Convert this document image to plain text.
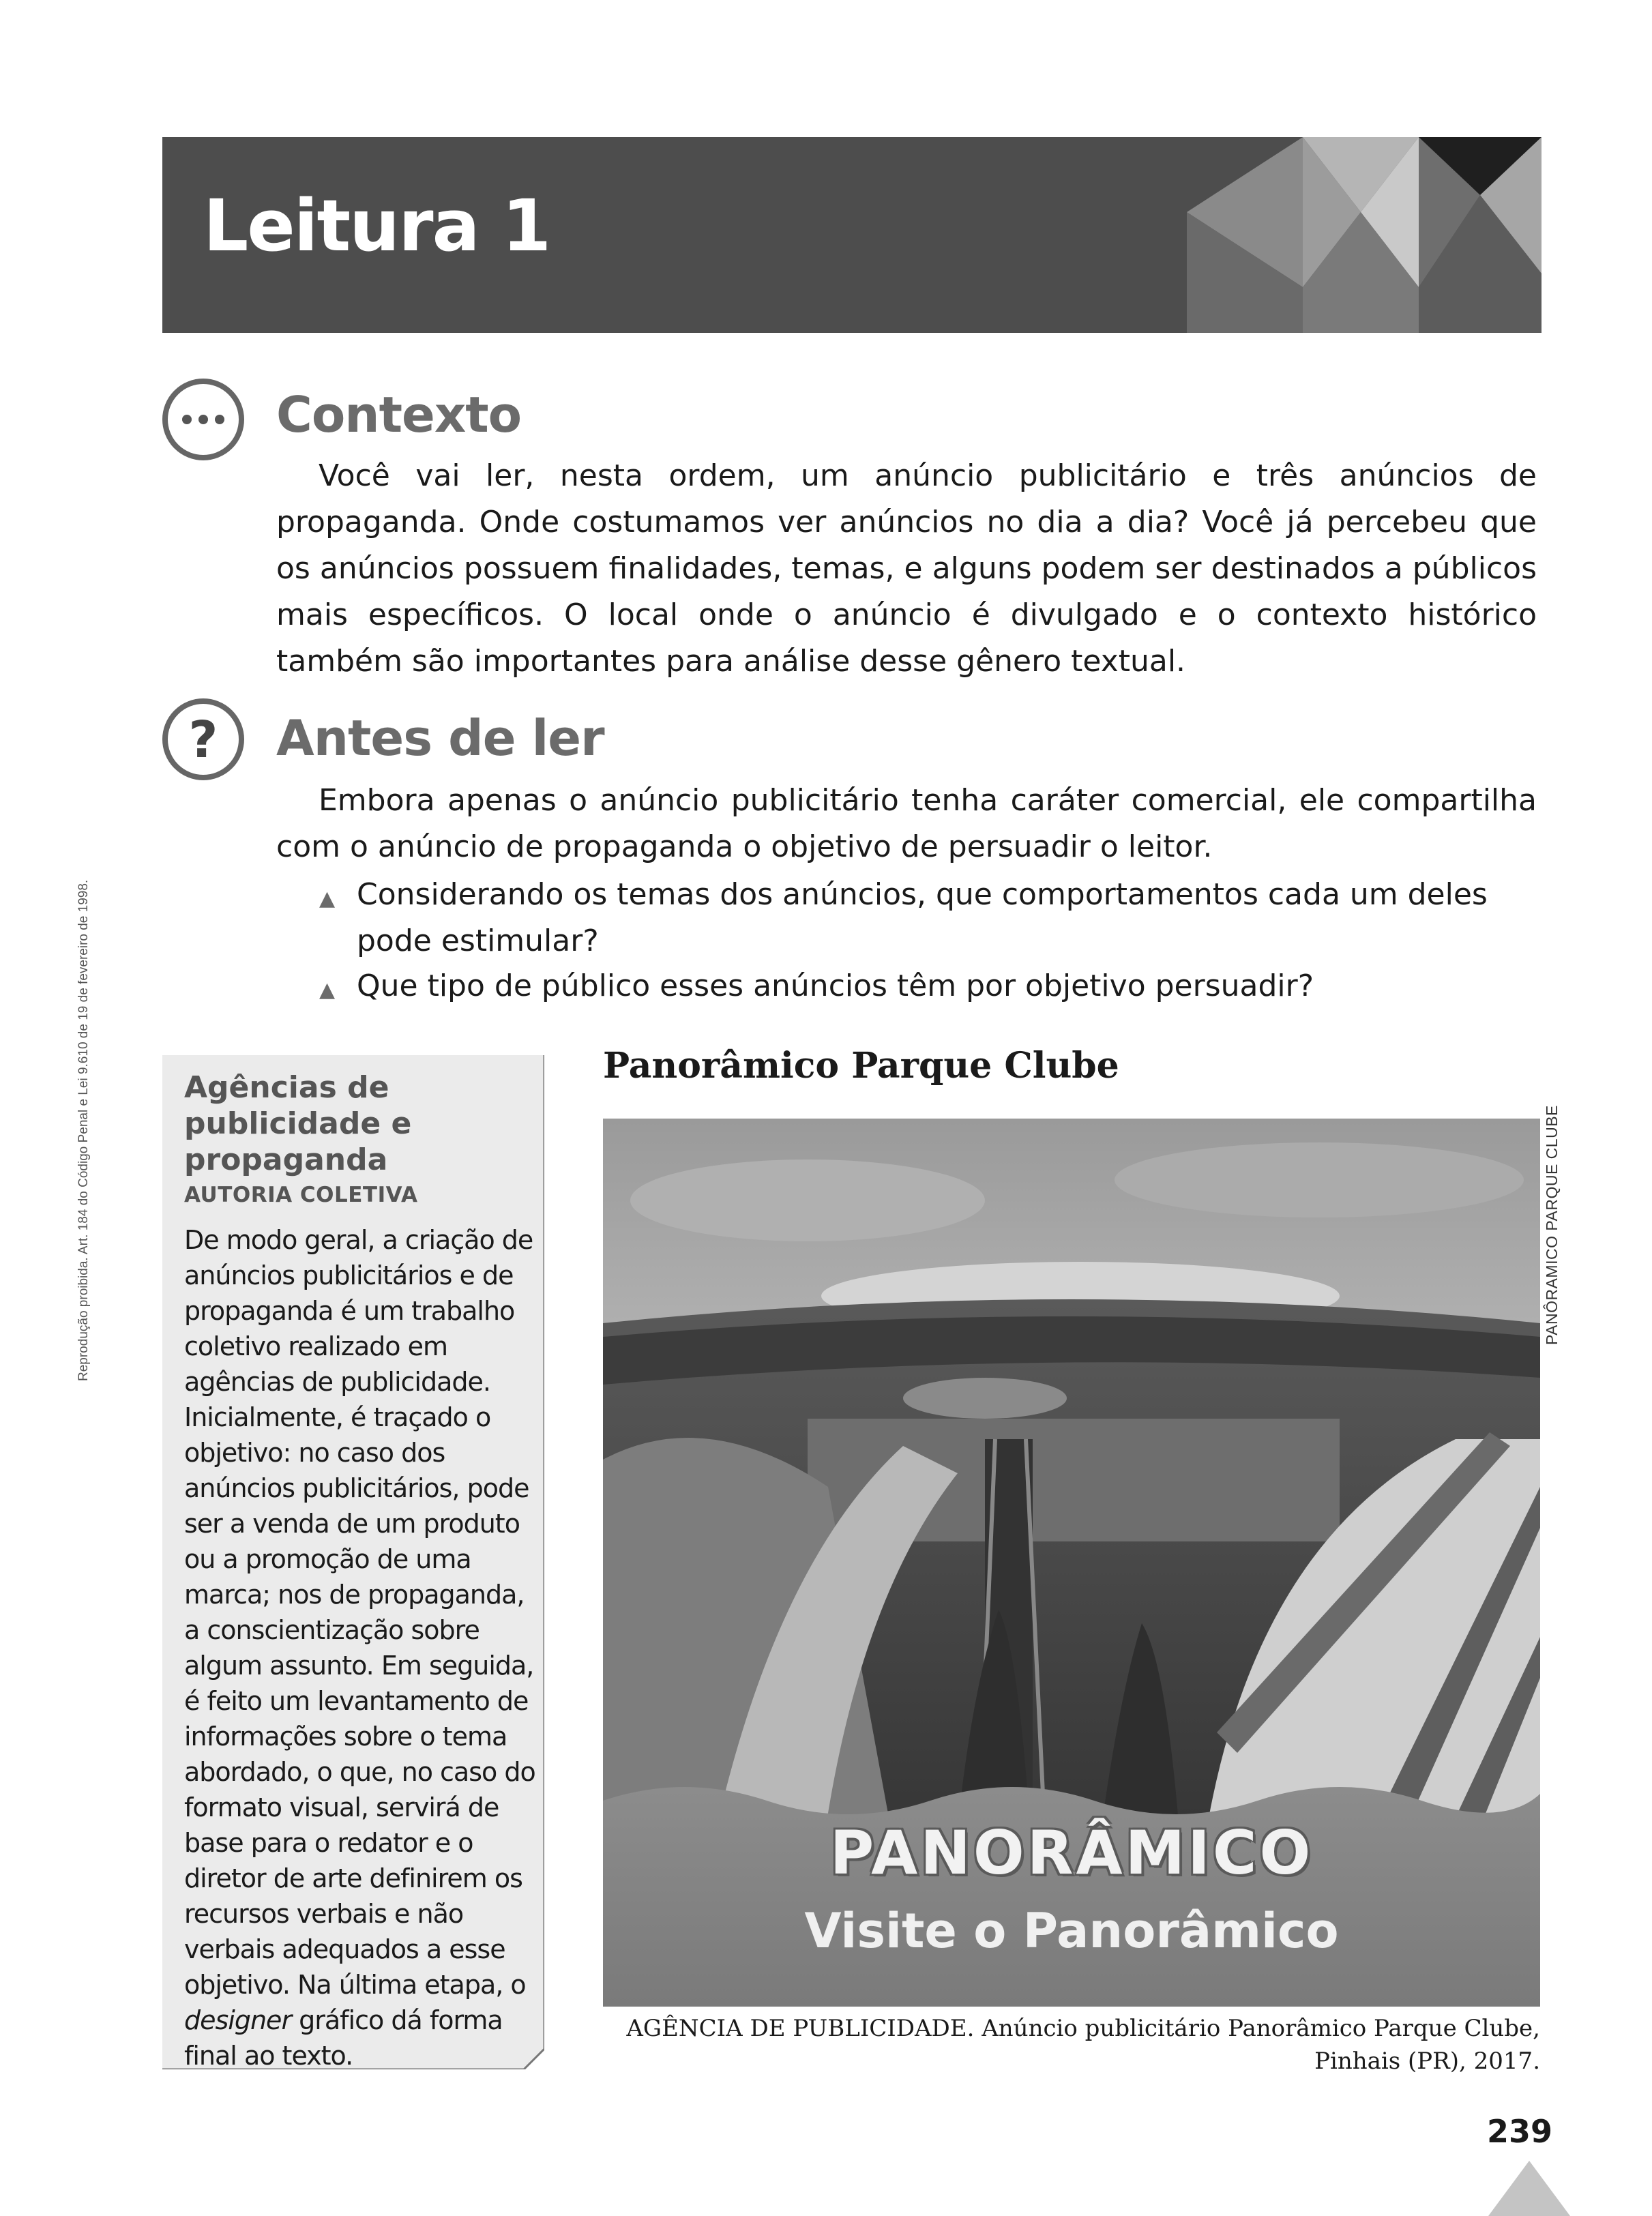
Leitura 1
Contexto
Você vai ler, nesta ordem, um anúncio publicitário e três anúncios de propaganda. Onde costumamos ver anúncios no dia a dia? Você já percebeu que os anúncios possuem finalidades, temas, e alguns podem ser destinados a públicos mais específicos. O local onde o anúncio é divulgado e o contexto histórico também são importantes para análise desse gênero textual.
? Antes de ler
Embora apenas o anúncio publicitário tenha caráter comercial, ele compartilha com o anúncio de propaganda o objetivo de persuadir o leitor.
▲ Considerando os temas dos anúncios, que comportamentos cada um deles pode estimular?
▲ Que tipo de público esses anúncios têm por objetivo persuadir?
Reprodução proibida. Art. 184 do Código Penal e Lei 9.610 de 19 de fevereiro de 1998.	Agências de publicidade e propaganda
AUTORIA COLETIVA
De modo geral, a criação de anúncios publicitários e de propaganda é um trabalho coletivo realizado em agências de publicidade. Inicialmente, é traçado o objetivo: no caso dos anúncios publicitários, pode ser a venda de um produto ou a promoção de uma marca; nos de propaganda, a conscientização sobre algum assunto. Em seguida, é feito um levantamento de informações sobre o tema abordado, o que, no caso do formato visual, servirá de base para o redator e o diretor de arte definirem os recursos verbais e não verbais adequados a esse objetivo. Na última etapa, o designer gráfico dá forma final ao texto.
Panorâmico Parque Clube
PANORÂMICO
Visite o Panorâmico
PANÔRAMICO PARQUE CLUBE
AGÊNCIA DE PUBLICIDADE. Anúncio publicitário Panorâmico Parque Clube,
Pinhais (PR), 2017.
239
